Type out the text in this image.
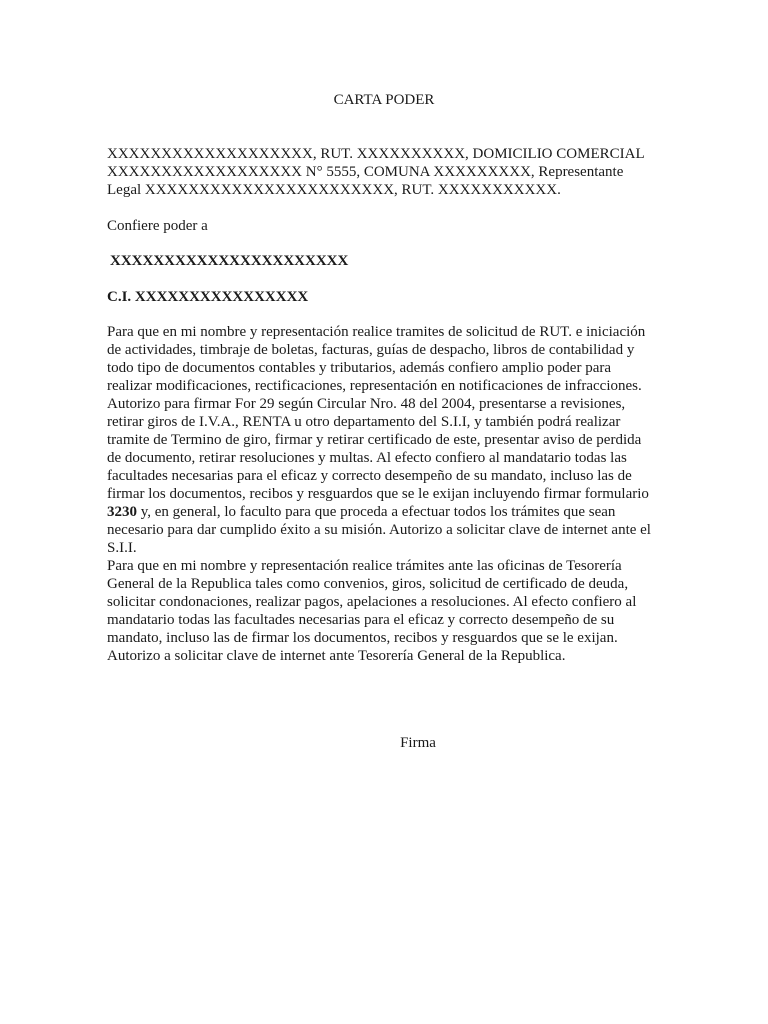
CARTA PODER

XXXXXXXXXXXXXXXXXXX, RUT. XXXXXXXXXX, DOMICILIO COMERCIAL

XXXXXXXXXXXXXXXXXX N° 5555, COMUNA XXXXXXXXX, Representante

Legal XXXXXXXXXXXXXXXXXXXXXXX, RUT. XXXXXXXXXXX.

Confiere poder a
XXXXXXXXXXXXXXXXXXXXXX
C.I. XXXXXXXXXXXXXXXX

Para que en mi nombre y representación realice tramites de solicitud de RUT. e iniciación

de actividades, timbraje de boletas, facturas, guías de despacho, libros de contabilidad y

todo tipo de documentos contables y tributarios, además confiero amplio poder para

realizar modificaciones, rectificaciones, representación en notificaciones de infracciones.

Autorizo para firmar For 29 según Circular Nro. 48 del 2004, presentarse a revisiones,

retirar giros de I.V.A., RENTA u otro departamento del S.I.I, y también podrá realizar

tramite de Termino de giro, firmar y retirar certificado de este, presentar aviso de perdida

de documento, retirar resoluciones y multas. Al efecto confiero al mandatario todas las

facultades necesarias para el eficaz y correcto desempeño de su mandato, incluso las de

firmar los documentos, recibos y resguardos que se le exijan incluyendo firmar formulario

3230 y, en general, lo faculto para que proceda a efectuar todos los trámites que sean

necesario para dar cumplido éxito a su misión. Autorizo a solicitar clave de internet ante el

S.I.I.

Para que en mi nombre y representación realice trámites ante las oficinas de Tesorería

General de la Republica tales como convenios, giros, solicitud de certificado de deuda,

solicitar condonaciones, realizar pagos, apelaciones a resoluciones. Al efecto confiero al

mandatario todas las facultades necesarias para el eficaz y correcto desempeño de su

mandato, incluso las de firmar los documentos, recibos y resguardos que se le exijan.

Autorizo a solicitar clave de internet ante Tesorería General de la Republica.

Firma
